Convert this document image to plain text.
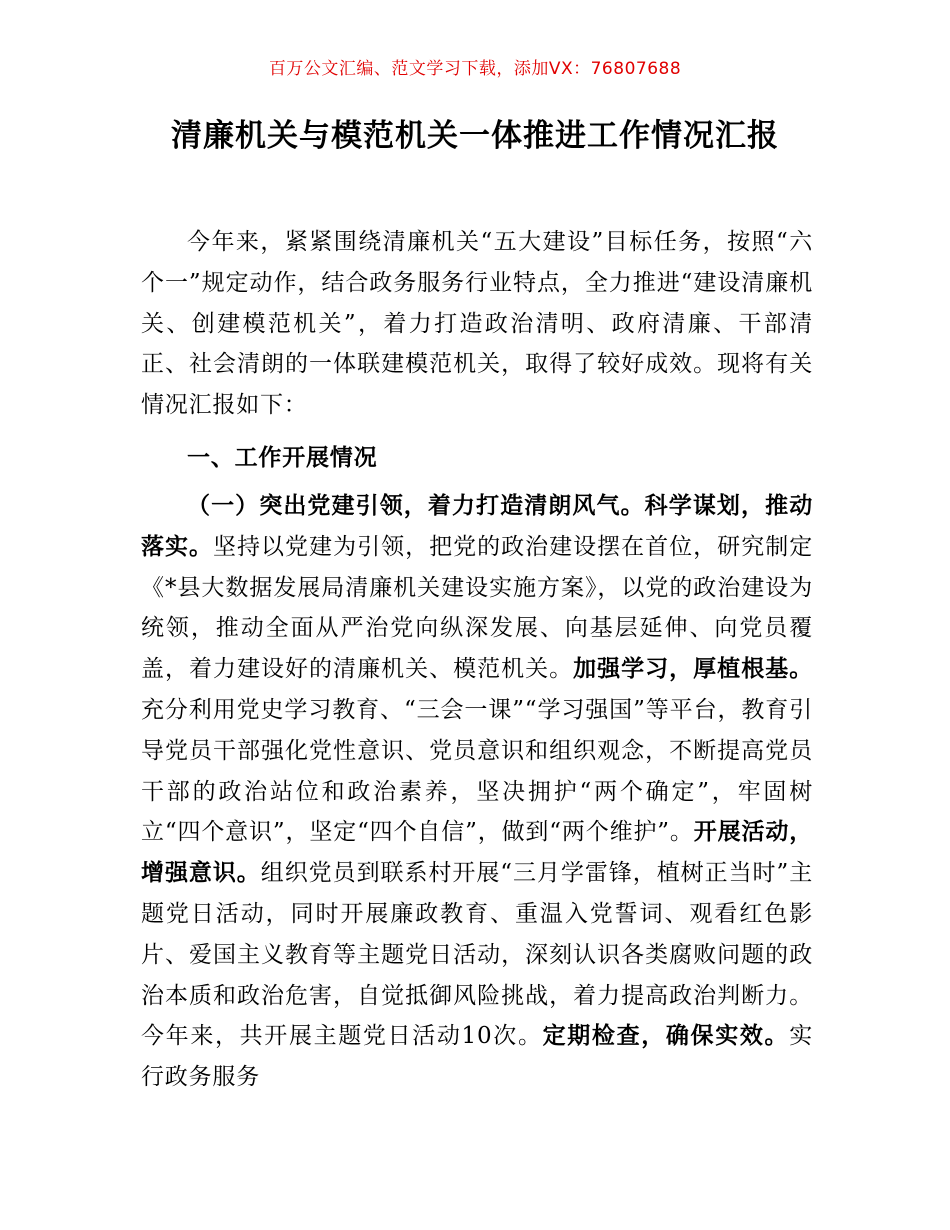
百万公文汇编、范文学习下载，添加VX：76807688
清廉机关与模范机关一体推进工作情况汇报

今年来，紧紧围绕清廉机关“五大建设”目标任务，按照“六个一”规定动作，结合政务服务行业特点，全力推进“建设清廉机关、创建模范机关”，着力打造政治清明、政府清廉、干部清正、社会清朗的一体联建模范机关，取得了较好成效。现将有关情况汇报如下：

一、工作开展情况

（一）突出党建引领，着力打造清朗风气。科学谋划，推动落实。坚持以党建为引领，把党的政治建设摆在首位，研究制定《*县大数据发展局清廉机关建设实施方案》，以党的政治建设为统领，推动全面从严治党向纵深发展、向基层延伸、向党员覆盖，着力建设好的清廉机关、模范机关。加强学习，厚植根基。充分利用党史学习教育、“三会一课”“学习强国”等平台，教育引导党员干部强化党性意识、党员意识和组织观念，不断提高党员干部的政治站位和政治素养，坚决拥护“两个确定”，牢固树立“四个意识”，坚定“四个自信”，做到“两个维护”。开展活动，增强意识。组织党员到联系村开展“三月学雷锋，植树正当时”主题党日活动，同时开展廉政教育、重温入党誓词、观看红色影片、爱国主义教育等主题党日活动，深刻认识各类腐败问题的政治本质和政治危害，自觉抵御风险挑战，着力提高政治判断力。今年来，共开展主题党日活动10次。定期检查，确保实效。实行政务服务
